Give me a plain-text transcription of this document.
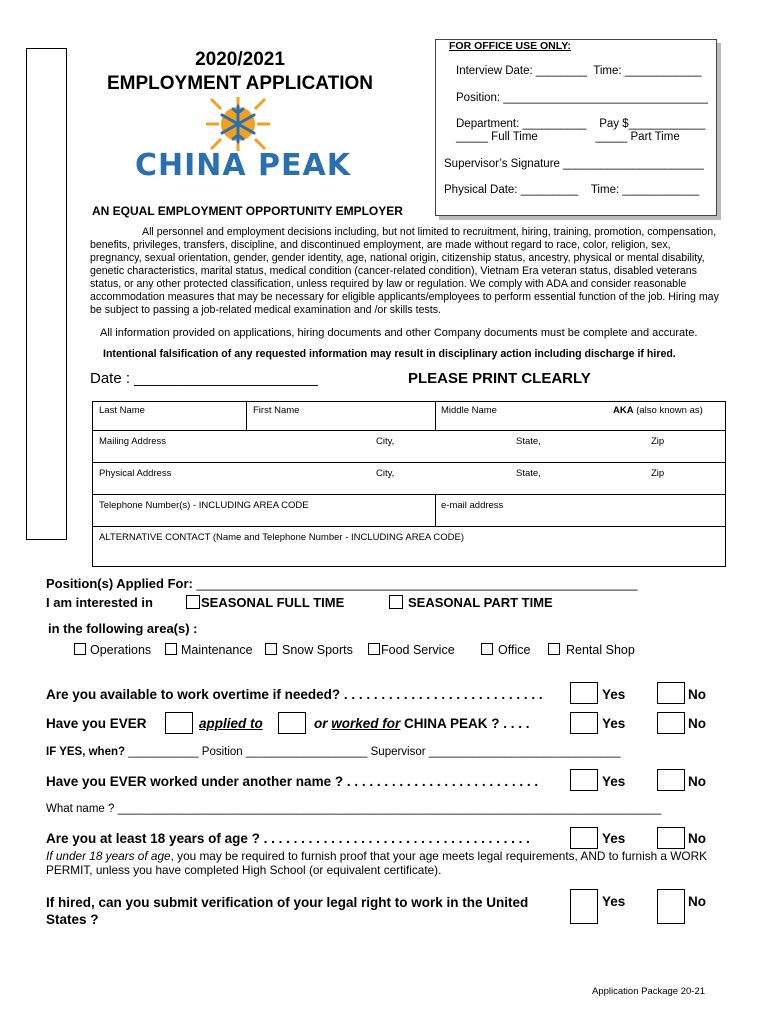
2020/2021
EMPLOYMENT APPLICATION
CHINA PEAK
FOR OFFICE USE ONLY:
Interview Date: ________  Time: ____________
Position: ________________________________
Department: __________    Pay $____________
_____ Full Time                  _____ Part Time
Supervisor’s Signature ______________________
Physical Date: _________    Time: ____________
AN EQUAL EMPLOYMENT OPPORTUNITY EMPLOYER
All personnel and employment decisions including, but not limited to recruitment, hiring, training, promotion, compensation, benefits, privileges, transfers, discipline, and discontinued employment, are made without regard to race, color, religion, sex, pregnancy, sexual orientation, gender, gender identity, age, national origin, citizenship status, ancestry, physical or mental disability, genetic characteristics, marital status, medical condition (cancer-related condition), Vietnam Era veteran status, disabled veterans status, or any other protected classification, unless required by law or regulation. We comply with ADA and consider reasonable accommodation measures that may be necessary for eligible applicants/employees to perform essential function of the job. Hiring may be subject to passing a job-related medical examination and /or skills tests.
All information provided on applications, hiring documents and other Company documents must be complete and accurate.
Intentional falsification of any requested information may result in disciplinary action including discharge if hired.
Date : ______________________	PLEASE PRINT CLEARLY
Last Name	First Name	Middle Name	AKA (also known as)
Mailing Address	City,	State,	Zip
Physical Address	City,	State,	Zip
Telephone Number(s) - INCLUDING AREA CODE	e-mail address
ALTERNATIVE CONTACT (Name and Telephone Number - INCLUDING AREA CODE)
Position(s) Applied For: _____________________________________________________________
I am interested in	SEASONAL FULL TIME	SEASONAL PART TIME
in the following area(s) :
Operations Maintenance Snow Sports Food Service	Office	Rental Shop
Are you available to work overtime if needed? . . . . . . . . . . . . . . . . . . . . . . . . . . .	Yes	No
Have you EVER	applied to	or worked for CHINA PEAK ? . . . .	Yes	No
IF YES, when? ___________ Position ___________________ Supervisor ______________________________
Have you EVER worked under another name ? . . . . . . . . . . . . . . . . . . . . . . . . . .	Yes	No
What name ? _____________________________________________________________________________________
Are you at least 18 years of age ? . . . . . . . . . . . . . . . . . . . . . . . . . . . . . . . . . . . .	Yes	No
If under 18 years of age, you may be required to furnish proof that your age meets legal requirements, AND to furnish a WORK PERMIT, unless you have completed High School (or equivalent certificate).
If hired, can you submit verification of your legal right to work in the United States ?
Yes	No
Application Package 20-21
